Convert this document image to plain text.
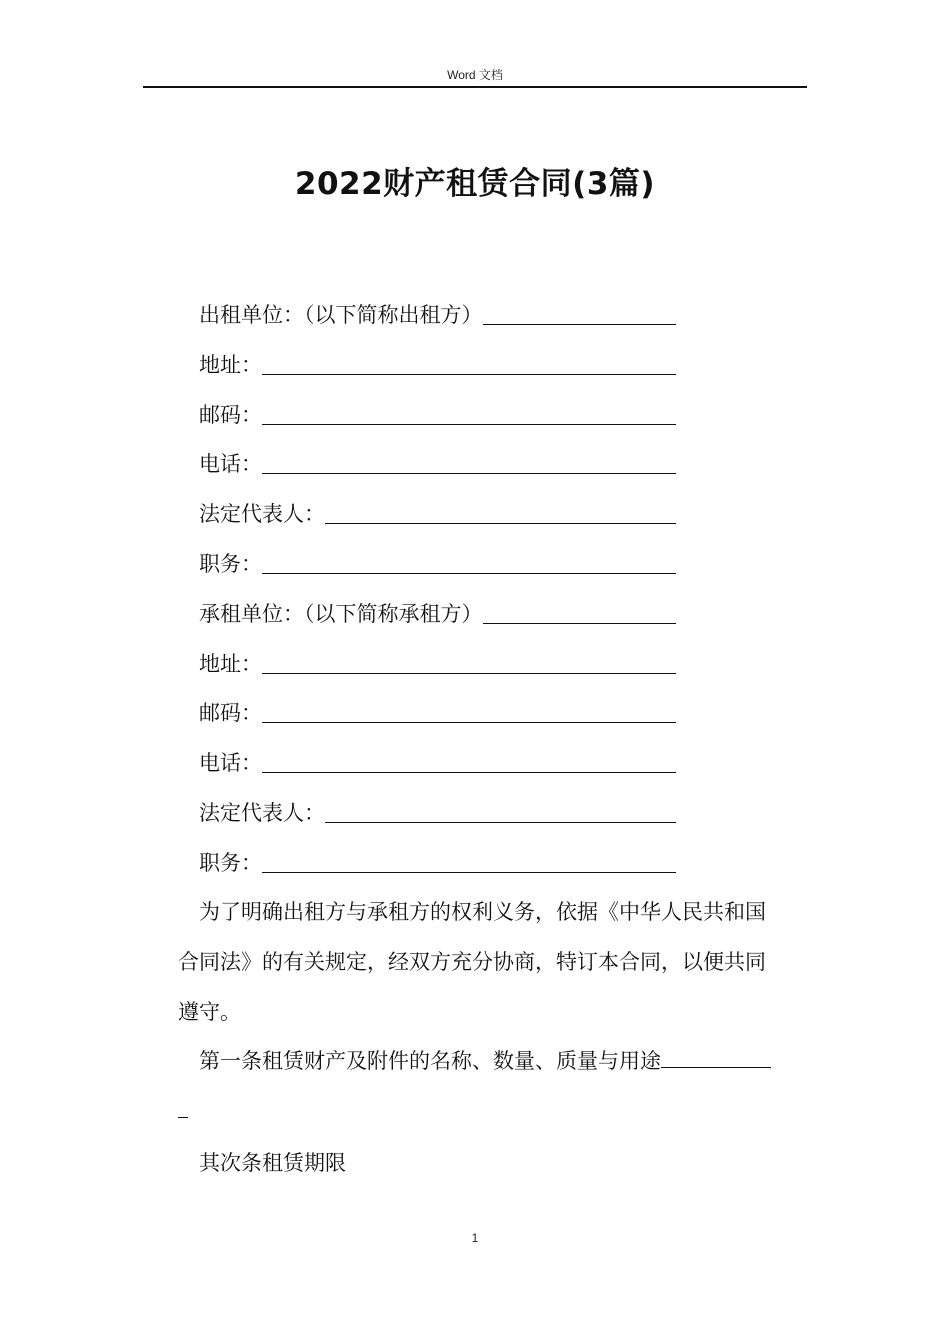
Word 文档
2022财产租赁合同(3篇)
出租单位：（以下简称出租方）
地址：
邮码：
电话：
法定代表人：
职务：
承租单位：（以下简称承租方）
地址：
邮码：
电话：
法定代表人：
职务：
为了明确出租方与承租方的权利义务，依据《中华人民共和国
合同法》的有关规定，经双方充分协商，特订本合同，以便共同
遵守。
第一条租赁财产及附件的名称、数量、质量与用途
其次条租赁期限
1
